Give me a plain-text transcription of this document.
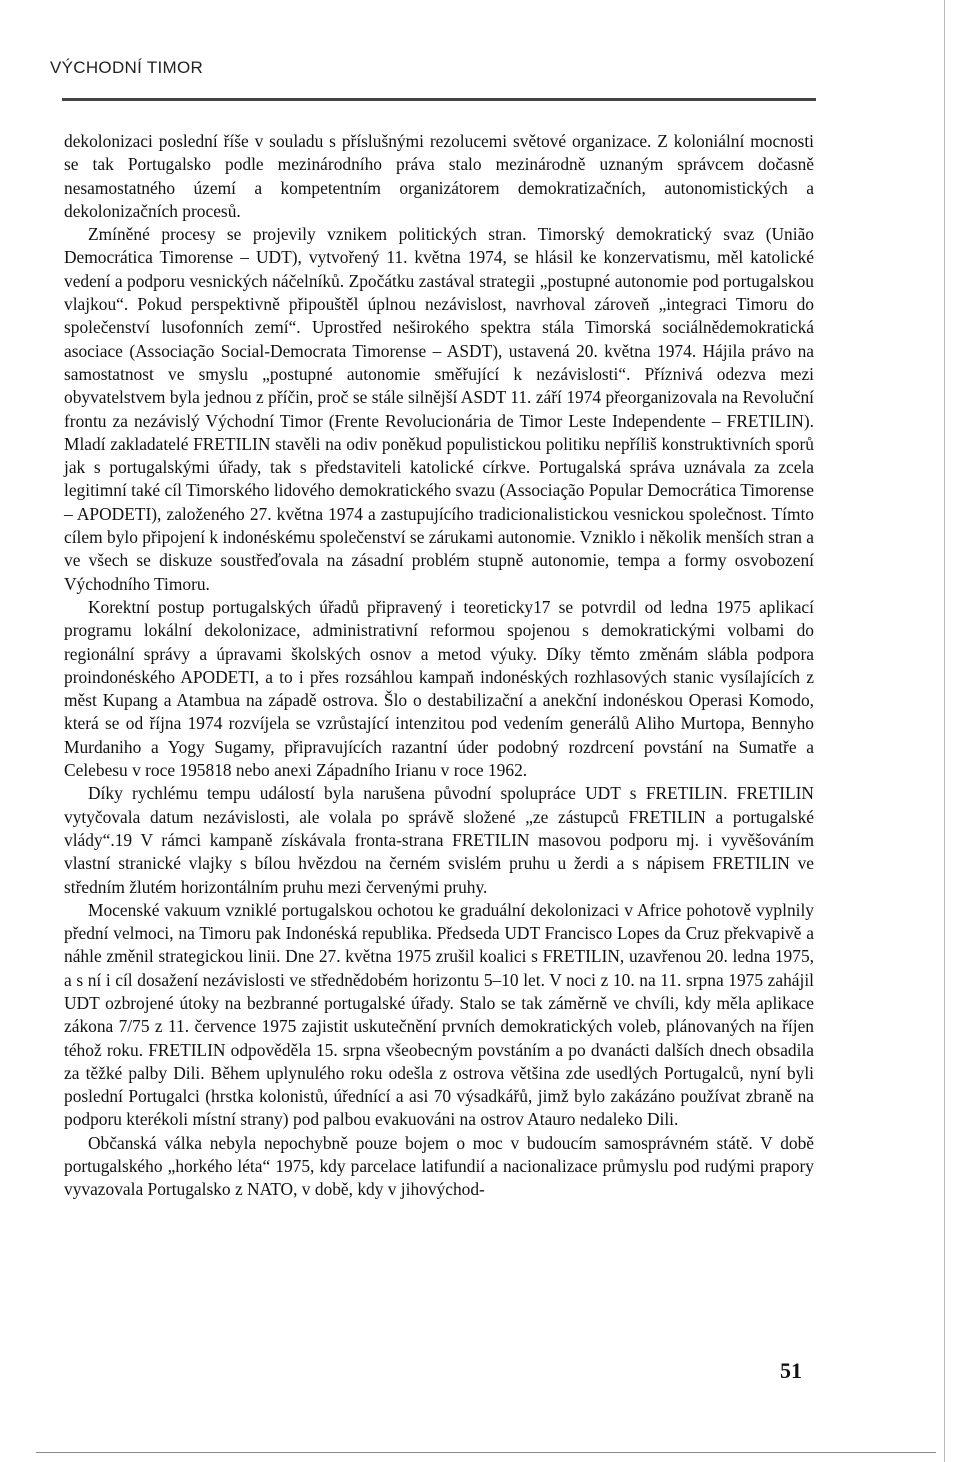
VÝCHODNÍ TIMOR

dekolonizaci poslední říše v souladu s příslušnými rezolucemi světové organizace. Z koloniální mocnosti se tak Portugalsko podle mezinárodního práva stalo mezinárodně uznaným správcem dočasně nesamostatného území a kompetentním organizátorem demokratizačních, autonomistických a dekolonizačních procesů.

Zmíněné procesy se projevily vznikem politických stran. Timorský demokratický svaz (União Democrática Timorense – UDT), vytvořený 11. května 1974, se hlásil ke konzervatismu, měl katolické vedení a podporu vesnických náčelníků. Zpočátku zastával strategii „postupné autonomie pod portugalskou vlajkou“. Pokud perspektivně připouštěl úplnou nezávislost, navrhoval zároveň „integraci Timoru do společenství lusofonních zemí“. Uprostřed neširokého spektra stála Timorská sociálnědemokratická asociace (Associação Social-Democrata Timorense – ASDT), ustavená 20. května 1974. Hájila právo na samostatnost ve smyslu „postupné autonomie směřující k nezávislosti“. Příznivá odezva mezi obyvatelstvem byla jednou z příčin, proč se stále silnější ASDT 11. září 1974 přeorganizovala na Revoluční frontu za nezávislý Východní Timor (Frente Revolucionária de Timor Leste Independente – FRETILIN). Mladí zakladatelé FRETILIN stavěli na odiv poněkud populistickou politiku nepříliš konstruktivních sporů jak s portugalskými úřady, tak s představiteli katolické církve. Portugalská správa uznávala za zcela legitimní také cíl Timorského lidového demokratického svazu (Associação Popular Democrática Timorense – APODETI), založeného 27. května 1974 a zastupujícího tradicionalistickou vesnickou společnost. Tímto cílem bylo připojení k indonéskému společenství se zárukami autonomie. Vzniklo i několik menších stran a ve všech se diskuze soustřeďovala na zásadní problém stupně autonomie, tempa a formy osvobození Východního Timoru.

Korektní postup portugalských úřadů připravený i teoreticky17 se potvrdil od ledna 1975 aplikací programu lokální dekolonizace, administrativní reformou spojenou s demokratickými volbami do regionální správy a úpravami školských osnov a metod výuky. Díky těmto změnám slábla podpora proindonéského APODETI, a to i přes rozsáhlou kampaň indonéských rozhlasových stanic vysílajících z měst Kupang a Atambua na západě ostrova. Šlo o destabilizační a anekční indonéskou Operasi Komodo, která se od října 1974 rozvíjela se vzrůstající intenzitou pod vedením generálů Aliho Murtopa, Bennyho Murdaniho a Yogy Sugamy, připravujících razantní úder podobný rozdrcení povstání na Sumatře a Celebesu v roce 195818 nebo anexi Západního Irianu v roce 1962.

Díky rychlému tempu událostí byla narušena původní spolupráce UDT s FRETILIN. FRETILIN vytyčovala datum nezávislosti, ale volala po správě složené „ze zástupců FRETILIN a portugalské vlády“.19 V rámci kampaně získávala fronta-strana FRETILIN masovou podporu mj. i vyvěšováním vlastní stranické vlajky s bílou hvězdou na černém svislém pruhu u žerdi a s nápisem FRETILIN ve středním žlutém horizontálním pruhu mezi červenými pruhy.

Mocenské vakuum vzniklé portugalskou ochotou ke graduální dekolonizaci v Africe pohotově vyplnily přední velmoci, na Timoru pak Indonéská republika. Předseda UDT Francisco Lopes da Cruz překvapivě a náhle změnil strategickou linii. Dne 27. května 1975 zrušil koalici s FRETILIN, uzavřenou 20. ledna 1975, a s ní i cíl dosažení nezávislosti ve střednědobém horizontu 5–10 let. V noci z 10. na 11. srpna 1975 zahájil UDT ozbrojené útoky na bezbranné portugalské úřady. Stalo se tak záměrně ve chvíli, kdy měla aplikace zákona 7/75 z 11. července 1975 zajistit uskutečnění prvních demokratických voleb, plánovaných na říjen téhož roku. FRETILIN odpověděla 15. srpna všeobecným povstáním a po dvanácti dalších dnech obsadila za těžké palby Dili. Během uplynulého roku odešla z ostrova většina zde usedlých Portugalců, nyní byli poslední Portugalci (hrstka kolonistů, úřednící a asi 70 výsadkářů, jimž bylo zakázáno používat zbraně na podporu kterékoli místní strany) pod palbou evakuováni na ostrov Atauro nedaleko Dili.

Občanská válka nebyla nepochybně pouze bojem o moc v budoucím samosprávném státě. V době portugalského „horkého léta“ 1975, kdy parcelace latifundií a nacionalizace průmyslu pod rudými prapory vyvazovala Portugalsko z NATO, v době, kdy v jihovýchod-

51
